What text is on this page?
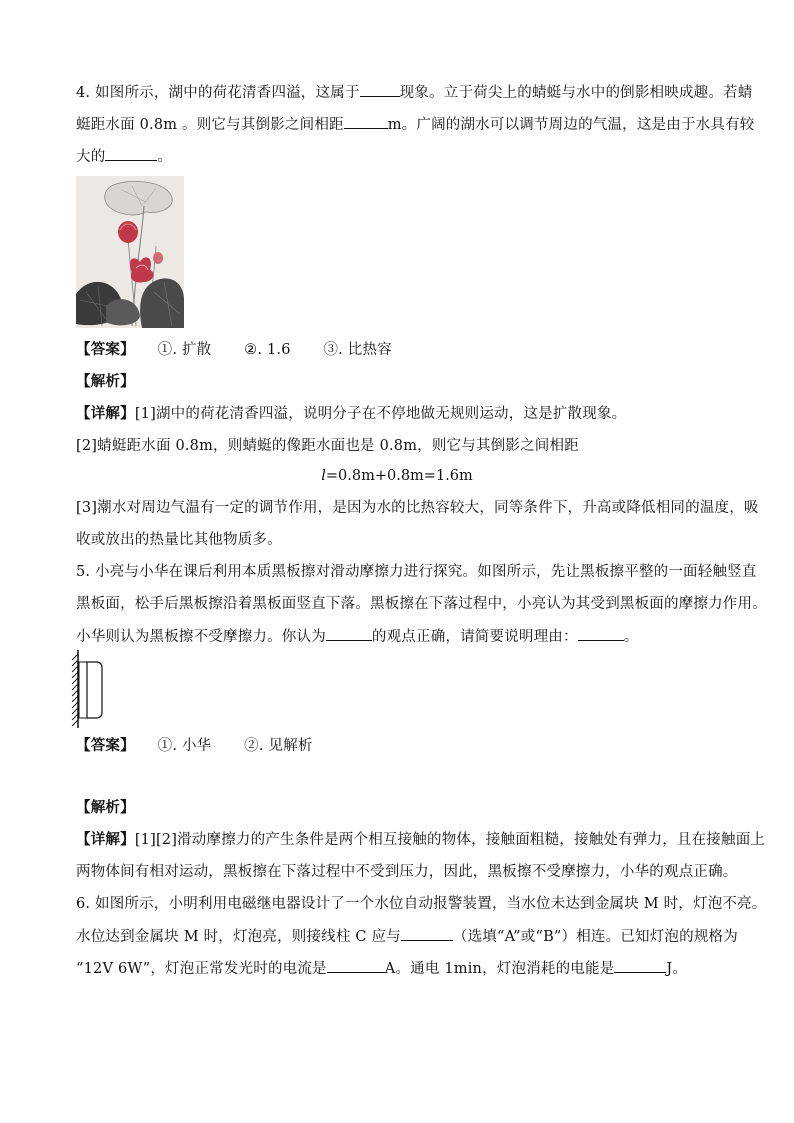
4. 如图所示，湖中的荷花清香四溢，这属于	现象。立于荷尖上的蜻蜓与水中的倒影相映成趣。若蜻
蜓距水面 0.8m 。则它与其倒影之间相距	m。广阔的湖水可以调节周边的气温，这是由于水具有较
大的	。
【答案】 ①. 扩散 ②. 1.6 ③. 比热容
【解析】
【详解】[1]湖中的荷花清香四溢，说明分子在不停地做无规则运动，这是扩散现象。
[2]蜻蜓距水面 0.8m，则蜻蜓的像距水面也是 0.8m，则它与其倒影之间相距
l=0.8m+0.8m=1.6m
[3]潮水对周边气温有一定的调节作用，是因为水的比热容较大，同等条件下，升高或降低相同的温度，吸
收或放出的热量比其他物质多。
5. 小亮与小华在课后利用本质黑板擦对滑动摩擦力进行探究。如图所示，先让黑板擦平整的一面轻触竖直
黑板面，松手后黑板擦沿着黑板面竖直下落。黑板擦在下落过程中，小亮认为其受到黑板面的摩擦力作用。
小华则认为黑板擦不受摩擦力。你认为	的观点正确，请简要说明理由：	。
【答案】 ①. 小华 ②. 见解析
【解析】
【详解】[1][2]滑动摩擦力的产生条件是两个相互接触的物体，接触面粗糙，接触处有弹力，且在接触面上
两物体间有相对运动，黑板擦在下落过程中不受到压力，因此，黑板擦不受摩擦力，小华的观点正确。
6. 如图所示，小明利用电磁继电器设计了一个水位自动报警装置，当水位未达到金属块 M 时，灯泡不亮。
水位达到金属块 M 时，灯泡亮，则接线柱 C 应与	（选填“A”或“B”）相连。已知灯泡的规格为
“12V 6W”，灯泡正常发光时的电流是	A。通电 1min，灯泡消耗的电能是	J。
